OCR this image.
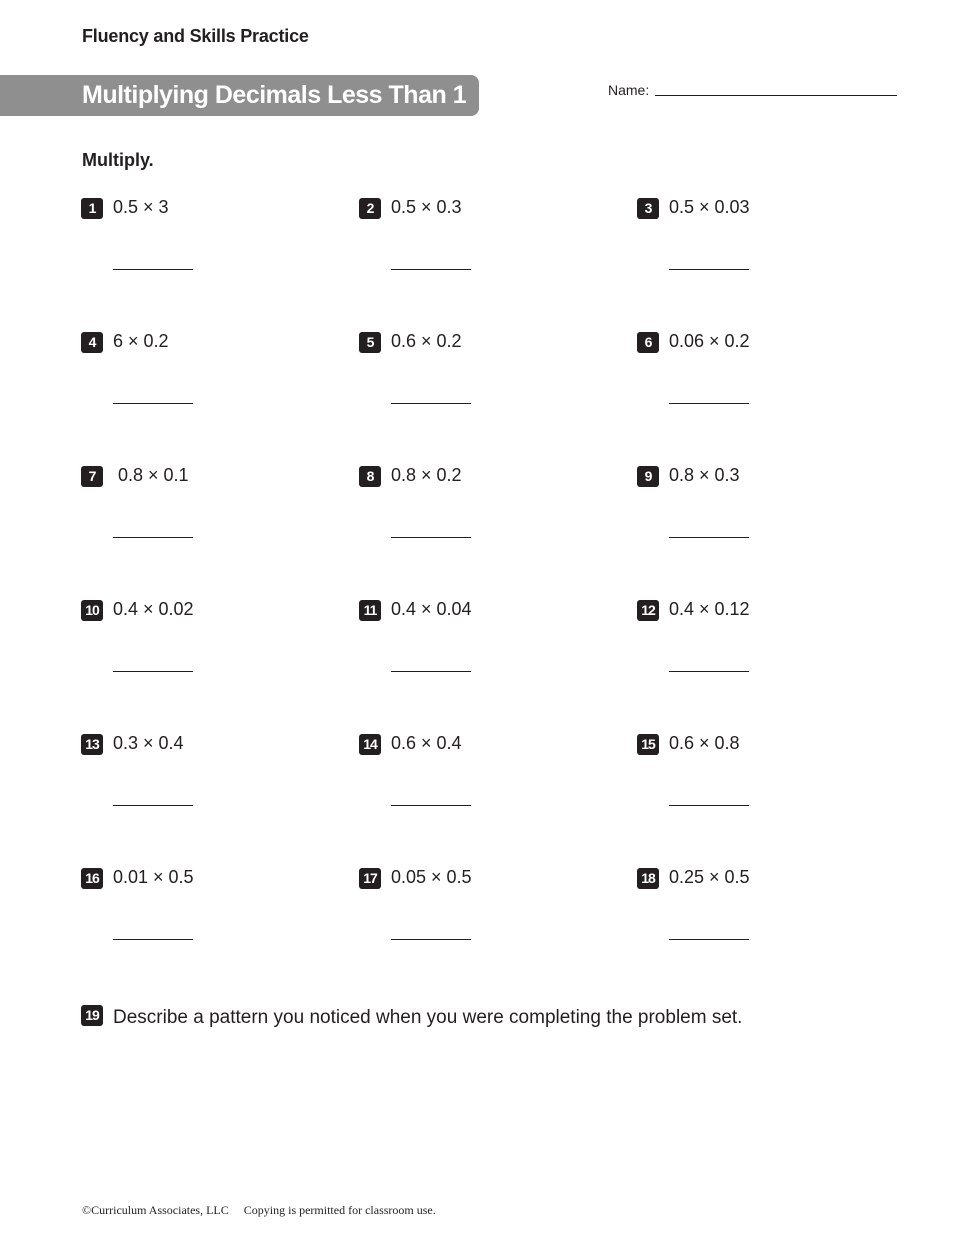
Fluency and Skills Practice
Multiplying Decimals Less Than 1	Name:
Multiply.
1 0.5 × 3	2 0.5 × 0.3	3 0.5 × 0.03
4 6 × 0.2	5 0.6 × 0.2	6 0.06 × 0.2
7 0.8 × 0.1	8 0.8 × 0.2	9 0.8 × 0.3
10 0.4 × 0.02	11 0.4 × 0.04	12 0.4 × 0.12
13 0.3 × 0.4	14 0.6 × 0.4	15 0.6 × 0.8
16 0.01 × 0.5	17 0.05 × 0.5	18 0.25 × 0.5
19 Describe a pattern you noticed when you were completing the problem set.
©Curriculum Associates, LLC Copying is permitted for classroom use.
